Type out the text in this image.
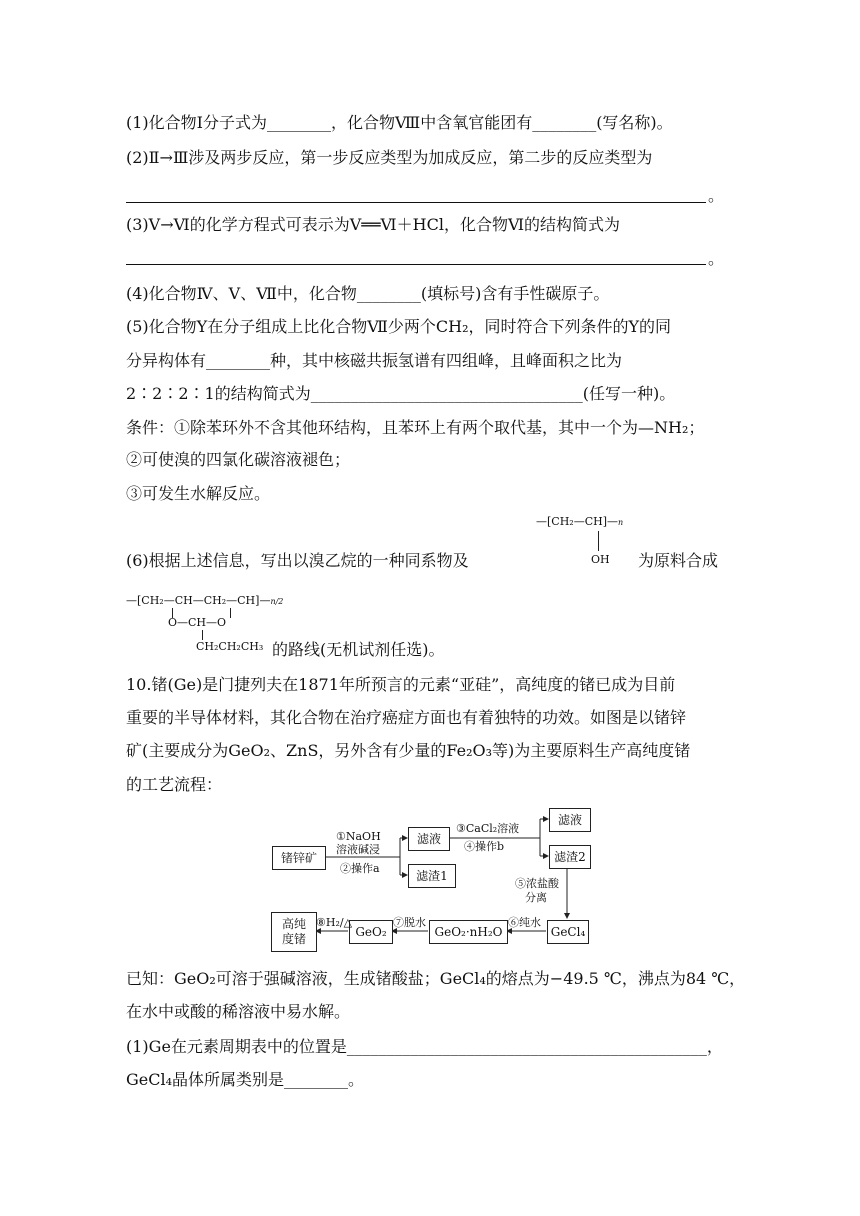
(1)化合物Ⅰ分子式为________，化合物Ⅷ中含氧官能团有________(写名称)。
(2)Ⅱ→Ⅲ涉及两步反应，第一步反应类型为加成反应，第二步的反应类型为
。
(3)Ⅴ→Ⅵ的化学方程式可表示为Ⅴ══Ⅵ＋HCl，化合物Ⅵ的结构简式为
。
(4)化合物Ⅳ、Ⅴ、Ⅶ中，化合物________(填标号)含有手性碳原子。
(5)化合物Y在分子组成上比化合物Ⅶ少两个CH₂，同时符合下列条件的Y的同
分异构体有________种，其中核磁共振氢谱有四组峰，且峰面积之比为
2∶2∶2∶1的结构简式为__________________________________(任写一种)。
条件：①除苯环外不含其他环结构，且苯环上有两个取代基，其中一个为—NH₂；
②可使溴的四氯化碳溶液褪色；
③可发生水解反应。
(6)根据上述信息，写出以溴乙烷的一种同系物及
—[CH₂—CH]—n
OH 为原料合成
—[CH₂—CH—CH₂—CH]—n/2
O—CH—O
CH₂CH₂CH₃ 的路线(无机试剂任选)。
10.锗(Ge)是门捷列夫在1871年所预言的元素“亚硅”，高纯度的锗已成为目前
重要的半导体材料，其化合物在治疗癌症方面也有着独特的功效。如图是以锗锌
矿(主要成分为GeO₂、ZnS，另外含有少量的Fe₂O₃等)为主要原料生产高纯度锗
的工艺流程：
锗锌矿
滤液
滤渣1
滤液
滤渣2
GeCl₄
GeO₂·nH₂O
GeO₂
高纯
度锗
①NaOH
溶液碱浸
②操作a
③CaCl₂溶液
④操作b
⑤浓盐酸
分离
⑥纯水
⑦脱水
⑧H₂/△
已知：GeO₂可溶于强碱溶液，生成锗酸盐；GeCl₄的熔点为−49.5 ℃，沸点为84 ℃，
在水中或酸的稀溶液中易水解。
(1)Ge在元素周期表中的位置是_____________________________________________，
GeCl₄晶体所属类别是________。
